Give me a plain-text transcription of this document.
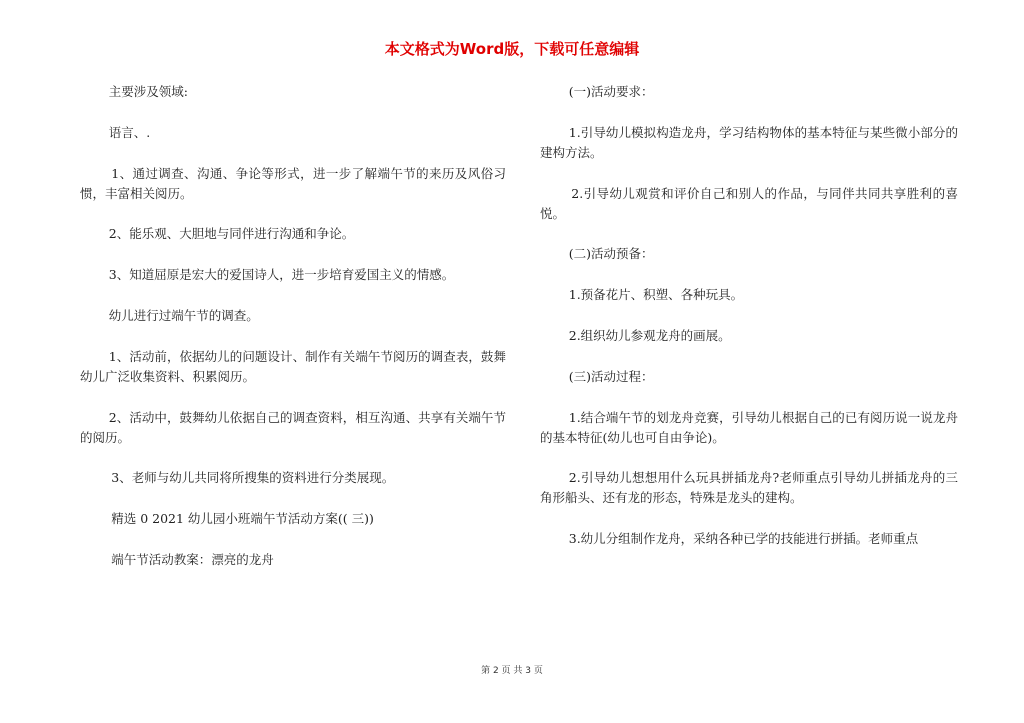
本文格式为Word版，下载可任意编辑

主要涉及领域:

语言、.

1、通过调查、沟通、争论等形式，进一步了解端午节的来历及风俗习惯，丰富相关阅历。

2、能乐观、大胆地与同伴进行沟通和争论。

3、知道屈原是宏大的爱国诗人，进一步培育爱国主义的情感。

幼儿进行过端午节的调查。

1、活动前，依据幼儿的问题设计、制作有关端午节阅历的调查表，鼓舞幼儿广泛收集资料、积累阅历。

2、活动中，鼓舞幼儿依据自己的调查资料，相互沟通、共享有关端午节的阅历。

3、老师与幼儿共同将所搜集的资料进行分类展现。

精选 0 2021 幼儿园小班端午节活动方案(( 三))

端午节活动教案：漂亮的龙舟

(一)活动要求：

1.引导幼儿模拟构造龙舟，学习结构物体的基本特征与某些微小部分的建构方法。

2.引导幼儿观赏和评价自己和别人的作品，与同伴共同共享胜利的喜悦。

(二)活动预备：

1.预备花片、积塑、各种玩具。

2.组织幼儿参观龙舟的画展。

(三)活动过程：

1.结合端午节的划龙舟竞赛，引导幼儿根据自己的已有阅历说一说龙舟的基本特征(幼儿也可自由争论)。

2.引导幼儿想想用什么玩具拼插龙舟?老师重点引导幼儿拼插龙舟的三角形船头、还有龙的形态，特殊是龙头的建构。

3.幼儿分组制作龙舟，采纳各种已学的技能进行拼插。老师重点

第 2 页 共 3 页
